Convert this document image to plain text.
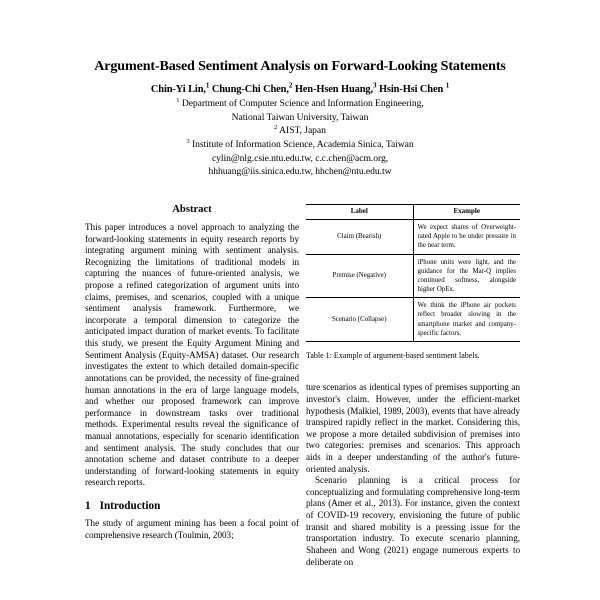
Argument-Based Sentiment Analysis on Forward-Looking Statements

Chin-Yi Lin,$^1$ Chung-Chi Chen,$^2$ Hen-Hsen Huang,$^3$ Hsin-Hsi Chen $^1$

$^1$ Department of Computer Science and Information Engineering,

National Taiwan University, Taiwan

$^2$ AIST, Japan

$^3$ Institute of Information Science, Academia Sinica, Taiwan

cylin@nlg.csie.ntu.edu.tw, c.c.chen@acm.org,

hhhuang@iis.sinica.edu.tw, hhchen@ntu.edu.tw

Abstract

This paper introduces a novel approach to analyzing the forward-looking statements in equity research reports by integrating argument mining with sentiment analysis. Recognizing the limitations of traditional models in capturing the nuances of future-oriented analysis, we propose a refined categorization of argument units into claims, premises, and scenarios, coupled with a unique sentiment analysis framework. Furthermore, we incorporate a temporal dimension to categorize the anticipated impact duration of market events. To facilitate this study, we present the Equity Argument Mining and Sentiment Analysis (Equity-AMSA) dataset. Our research investigates the extent to which detailed domain-specific annotations can be provided, the necessity of fine-grained human annotations in the era of large language models, and whether our proposed framework can improve performance in downstream tasks over traditional methods. Experimental results reveal the significance of manual annotations, especially for scenario identification and sentiment analysis. The study concludes that our annotation scheme and dataset contribute to a deeper understanding of forward-looking statements in equity research reports.

1 Introduction

The study of argument mining has been a focal point of comprehensive research (Toulmin, 2003;

Label	Example

Claim (Bearish)	We expect shares of Overweight-rated Apple to be under pressure in the near term.

Premise (Negative)	iPhone units were light, and the guidance for the Mar-Q implies continued softness, alongside higher OpEx.

Scenario (Collapse)	We think the iPhone air pockets reflect broader slowing in the smartphone market and company-specific factors.

Table 1: Example of argument-based sentiment labels.

ture scenarios as identical types of premises supporting an investor's claim. However, under the efficient-market hypothesis (Malkiel, 1989, 2003), events that have already transpired rapidly reflect in the market. Considering this, we propose a more detailed subdivision of premises into two categories: premises and scenarios. This approach aids in a deeper understanding of the author's future-oriented analysis.

Scenario planning is a critical process for conceptualizing and formulating comprehensive long-term plans (Amer et al., 2013). For instance, given the context of COVID-19 recovery, envisioning the future of public transit and shared mobility is a pressing issue for the transportation industry. To execute scenario planning, Shaheen and Wong (2021) engage numerous experts to deliberate on
